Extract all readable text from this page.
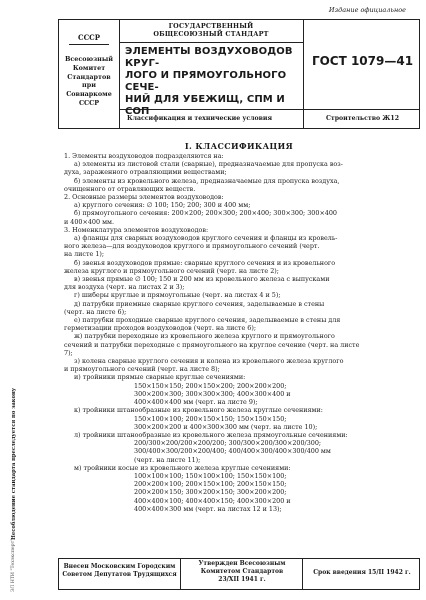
Издание официальное
СССР
Всесоюзный
Комитет Стандартов
при
Совнаркоме СССР
ГОСУДАРСТВЕННЫЙ
ОБЩЕСОЮЗНЫЙ СТАНДАРТ
ЭЛЕМЕНТЫ ВОЗДУХОВОДОВ КРУГ-
ЛОГО И ПРЯМОУГОЛЬНОГО СЕЧЕ-
НИЙ ДЛЯ УБЕЖИЩ, СПМ И СОП
Классификация и технические условия
ГОСТ 1079—41
Строительство Ж12
I. КЛАССИФИКАЦИЯ

1. Элементы воздуховодов подразделяются на:

а) элементы из листовой стали (сварные), предназначаемые для пропуска воз-

духа, зараженного отравляющими веществами;

б) элементы из кровельного железа, предназначаемые для пропуска воздуха,

очищенного от отравляющих веществ.

2. Основные размеры элементов воздуховодов:

а) круглого сечения: ∅ 100; 150; 200; 300 и 400 мм;

б) прямоугольного сечения: 200×200; 200×300; 200×400; 300×300; 300×400

и 400×400 мм.

3. Номенклатура элементов воздуховодов:

а) фланцы для сварных воздуховодов круглого сечения и фланцы из кровель-

ного железа—для воздуховодов круглого и прямоугольного сечений (черт.

на листе 1);

б) звенья воздуховодов прямые: сварные круглого сечения и из кровельного

железа круглого и прямоугольного сечений (черт. на листе 2);

в) звенья прямые ∅ 100; 150 и 200 мм из кровельного железа с выпусками

для воздуха (черт. на листах 2 и 3);

г) шиберы круглые и прямоугольные (черт. на листах 4 и 5);

д) патрубки приемные сварные круглого сечения, заделываемые в стены

(черт. на листе 6);

е) патрубки проходные сварные круглого сечения, заделываемые в стены для

герметизации проходов воздуховодов (черт. на листе 6);

ж) патрубки переходные из кровельного железа круглого и прямоугольного

сечений и патрубки переходные с прямоугольного на круглое сечение (черт. на листе

7);

з) колена сварные круглого сечения и колена из кровельного железа круглого

и прямоугольного сечений (черт. на листе 8);

и) тройники прямые сварные круглые сечениями:

150×150×150; 200×150×200; 200×200×200;

300×200×300; 300×300×300; 400×300×400 и

400×400×400 мм (черт. на листе 9);

к) тройники штанообразные из кровельного железа круглые сечениями:

150×100×100; 200×150×150; 150×150×150;

300×200×200 и 400×300×300 мм (черт. на листе 10);

л) тройники штанообразные из кровельного железа прямоугольные сечениями:

200/300×200/200×200/200; 300/300×200/300×200/300;

300/400×300/200×200/400; 400/400×300/400×300/400 мм

(черт. на листе 11);

м) тройники косые из кровельного железа круглые сечениями:

100×100×100; 150×100×100; 150×150×100;

200×200×100; 200×150×100; 200×150×150;

200×200×150; 300×200×150; 300×200×200;

400×400×100; 400×400×150; 400×300×200 и

400×400×300 мм (черт. на листах 12 и 13);

Несоблюдение стандарта преследуется по закону
ЭЛ НТИ "Техэксперт"	Внесен Московским Городским
Советом Депутатов Трудящихся
Утвержден Всесоюзным
Комитетом Стандартов
23/XII 1941 г.
Срок введения 15/II 1942 г.
